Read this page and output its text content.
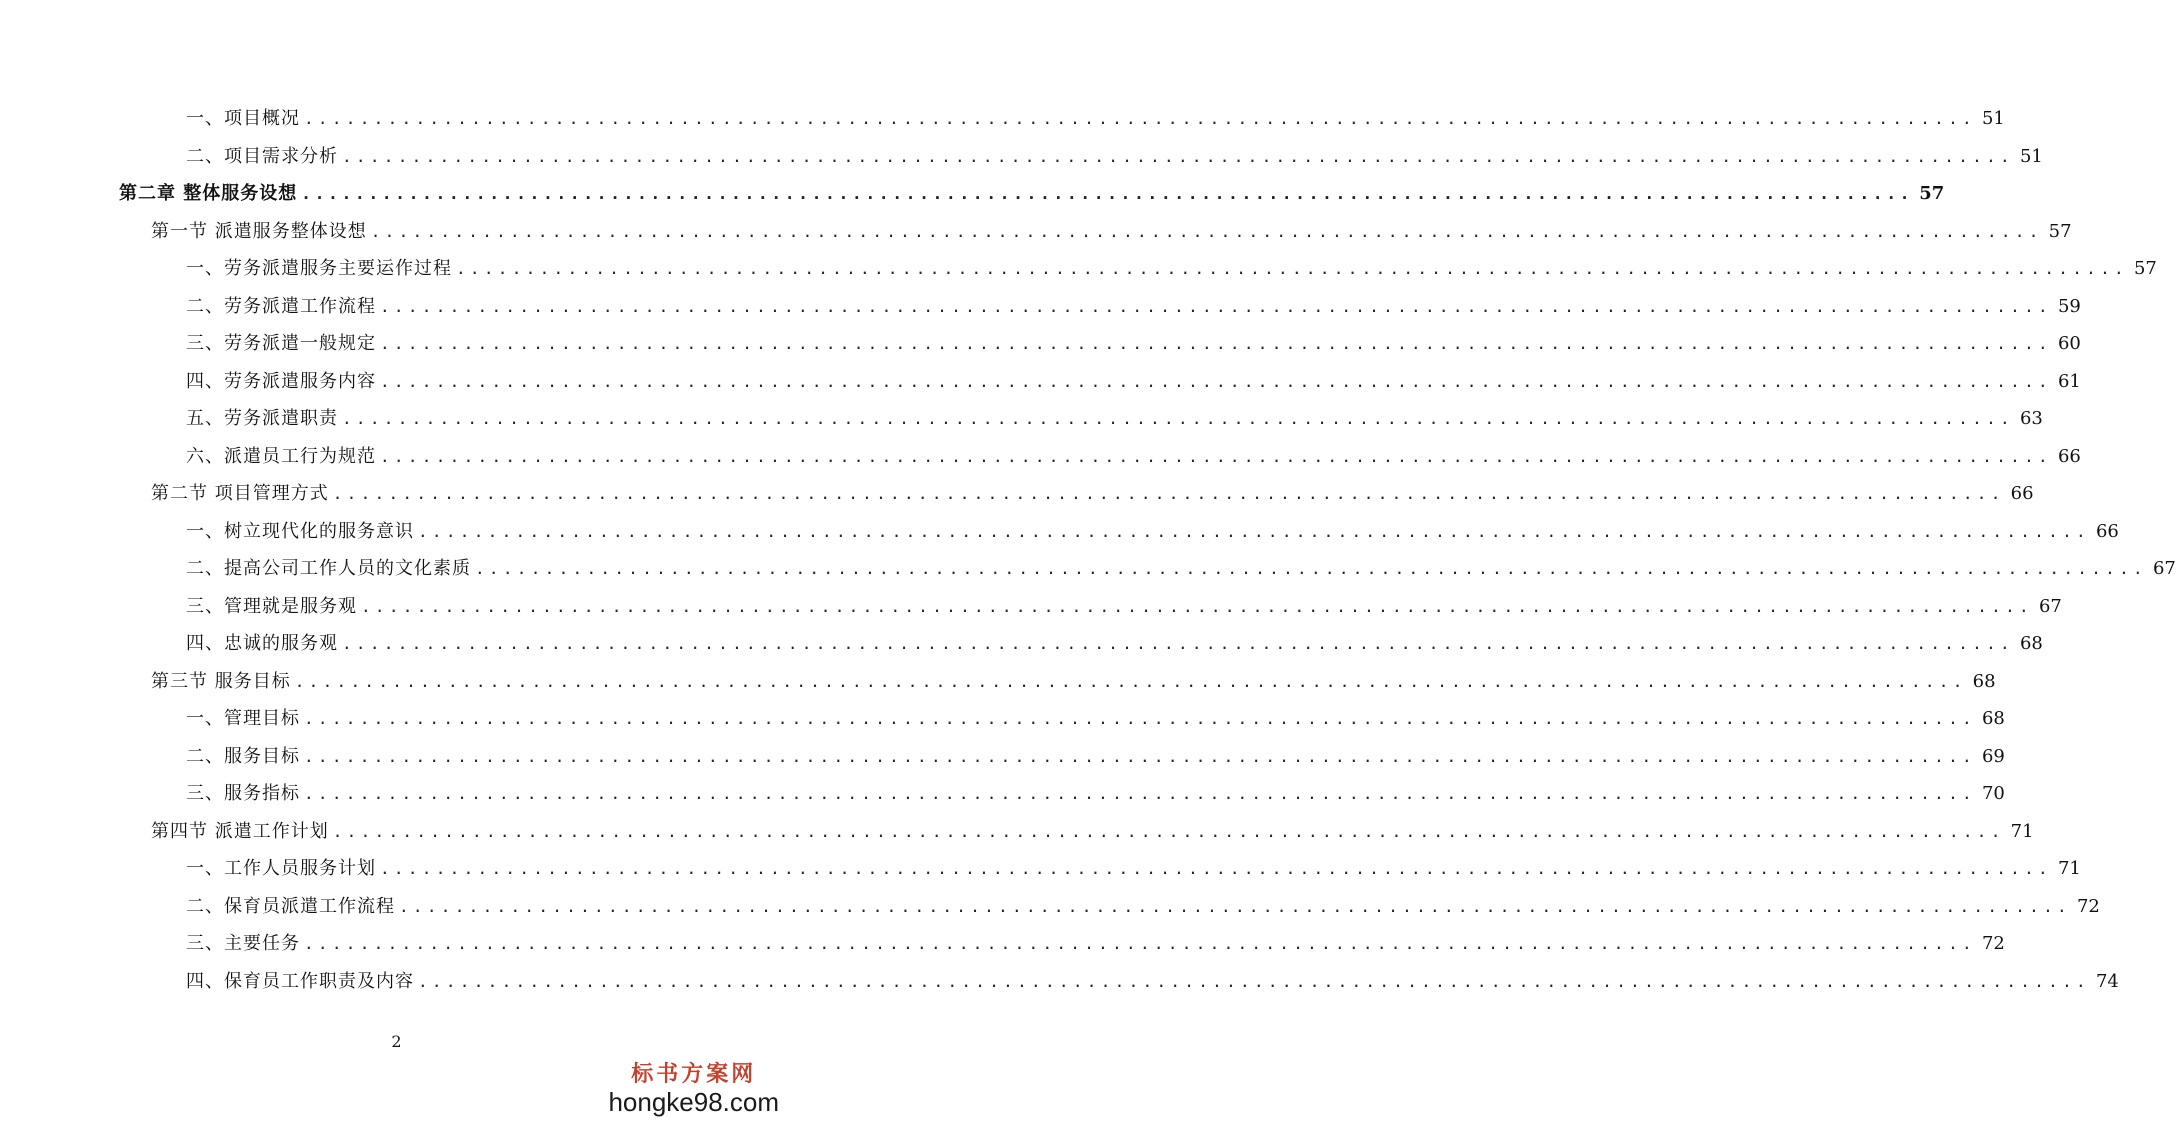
一、项目概况 ........................................................................................................................ 51
二、项目需求分析 ........................................................................................................................ 51
第二章 整体服务设想 ........................................................................................................................ 57
第一节 派遣服务整体设想 ........................................................................................................................ 57
一、劳务派遣服务主要运作过程 ........................................................................................................................ 57
二、劳务派遣工作流程 ........................................................................................................................ 59
三、劳务派遣一般规定 ........................................................................................................................ 60
四、劳务派遣服务内容 ........................................................................................................................ 61
五、劳务派遣职责 ........................................................................................................................ 63
六、派遣员工行为规范 ........................................................................................................................ 66
第二节 项目管理方式 ........................................................................................................................ 66
一、树立现代化的服务意识 ........................................................................................................................ 66
二、提高公司工作人员的文化素质 ........................................................................................................................ 67
三、管理就是服务观 ........................................................................................................................ 67
四、忠诚的服务观 ........................................................................................................................ 68
第三节 服务目标 ........................................................................................................................ 68
一、管理目标 ........................................................................................................................ 68
二、服务目标 ........................................................................................................................ 69
三、服务指标 ........................................................................................................................ 70
第四节 派遣工作计划 ........................................................................................................................ 71
一、工作人员服务计划 ........................................................................................................................ 71
二、保育员派遣工作流程 ........................................................................................................................ 72
三、主要任务 ........................................................................................................................ 72
四、保育员工作职责及内容 ........................................................................................................................ 74
2
标书方案网
hongke98.com
